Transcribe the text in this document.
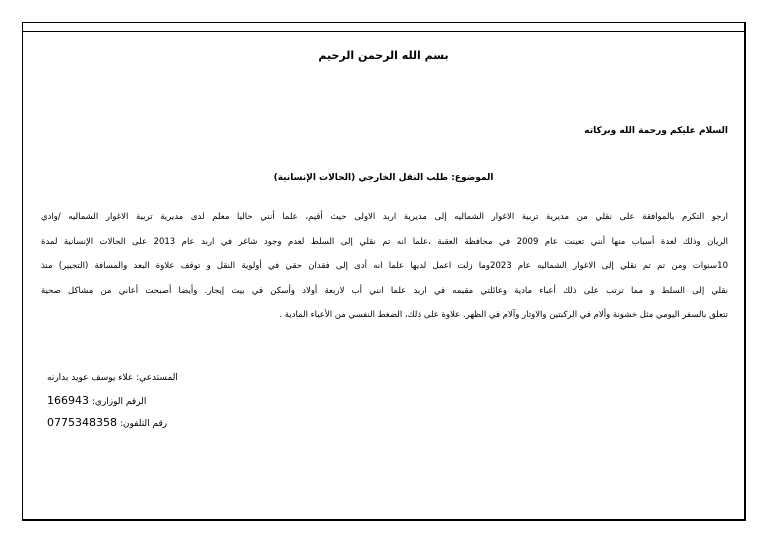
بسم الله الرحمن الرحيم
السلام عليكم ورحمة الله وبركاته
الموضوع: طلب النقل الخارجي (الحالات الإنسانية)
ارجو التكرم بالموافقة على نقلي من مديرية تربية الاغوار الشماليه إلى مديرية اربد الاولى حيث أقيم، علما أنني حاليا معلم لدى مديرية تربية الاغوار الشماليه /وادي
الريان وذلك لعدة أسباب منها أنني تعينت عام 2009 في محافظة العقبة ،علما انه تم نقلي إلى السلط لعدم وجود شاغر في اربد عام 2013 على الحالات الإنسانية لمدة
10سنوات ومن تم تم نقلي إلى الاغوار الشماليه عام 2023وما زلت اعمل لديها علما انه أدى إلى فقدان حقي في أولوية النقل و توقف علاوة البعد والمسافة (التجيير) منذ
نقلي إلى السلط و مما ترتب على ذلك أعباء مادية وعائلتي مقيمه في اربد علما انني أب لاربعة أولاد وأسكن في بيت إيجار. وأيضا أصبحت أعاني من مشاكل صحية
تتعلق بالسفر اليومي مثل خشونة وألام في الركبتين والاوتار وآلام في الظهر. علاوة على ذلك، الضغط النفسي من الأعباء المادية .
المستدعي: علاء يوسف عويد بدارنه
الرقم الوزاري: 166943
رقم التلفون: 0775348358
